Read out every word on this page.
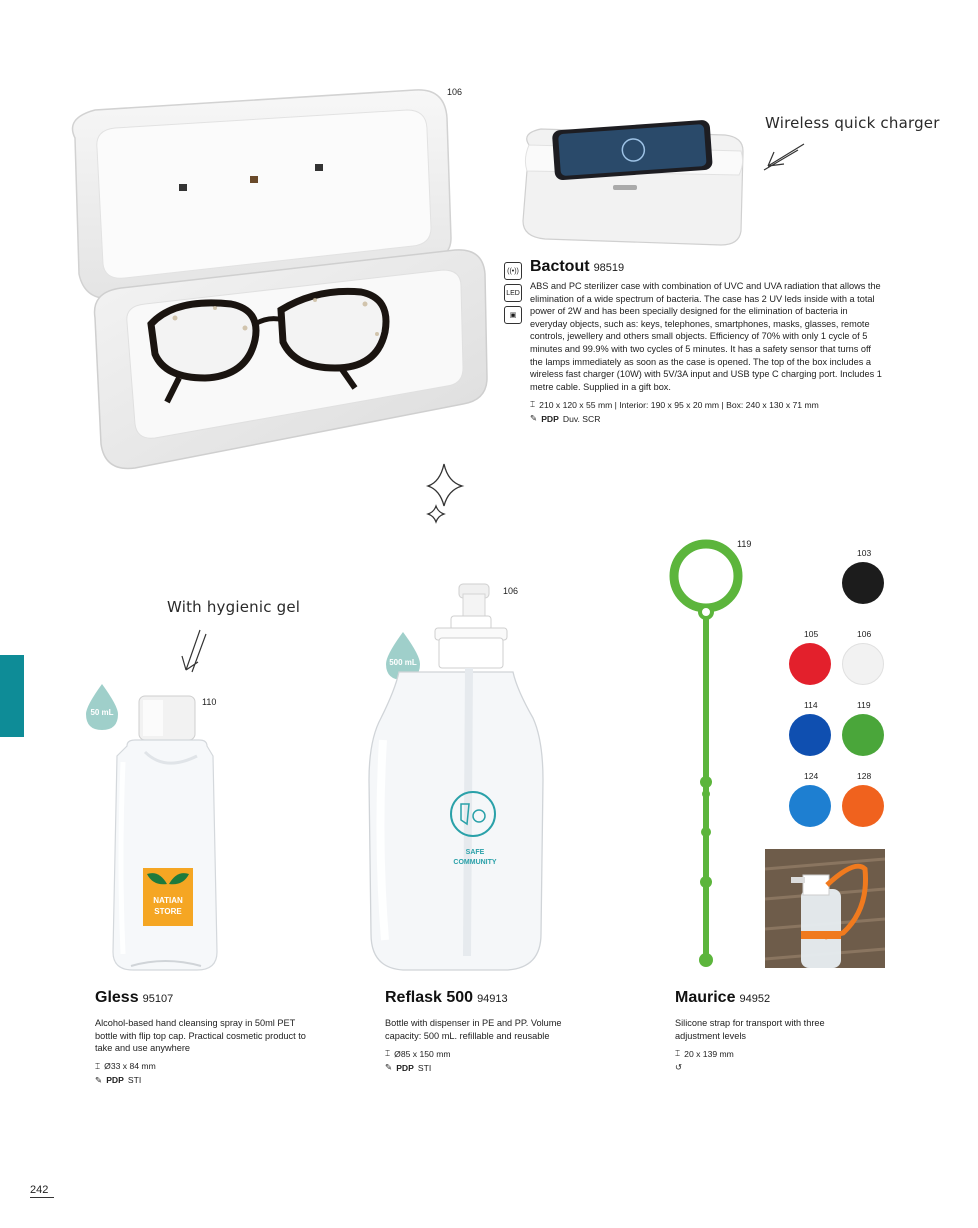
106
Wireless quick charger
((•))
LED
▣
Bactout 98519
ABS and PC sterilizer case with combination of UVC and UVA radiation that allows the elimination of a wide spectrum of bacteria. The case has 2 UV leds inside with a total power of 2W and has been specially designed for the elimination of bacteria in everyday objects, such as: keys, telephones, smartphones, masks, glasses, remote controls, jewellery and others small objects. Efficiency of 70% with only 1 cycle of 5 minutes and 99.9% with two cycles of 5 minutes. It has a safety sensor that turns off the lamps immediately as soon as the case is opened. The top of the box includes a wireless fast charger (10W) with 5V/3A input and USB type C charging port. Includes 1 metre cable. Supplied in a gift box.
⌶ 210 x 120 x 55 mm | Interior: 190 x 95 x 20 mm | Box: 240 x 130 x 71 mm
✎ PDP Duv. SCR
With hygienic gel
50 mL
110
NATIAN
STORE
Gless 95107
Alcohol-based hand cleansing spray in 50ml PET bottle with flip top cap. Practical cosmetic product to take and use anywhere
⌶ Ø33 x 84 mm
✎ PDP STI
500 mL
106
SAFE
COMMUNITY
Reflask 500 94913
Bottle with dispenser in PE and PP. Volume capacity: 500 mL. refillable and reusable
⌶ Ø85 x 150 mm
✎ PDP STI
119
103
105	106
114	119
124	128
Maurice 94952
Silicone strap for transport with three adjustment levels
⌶ 20 x 139 mm
↺
242
